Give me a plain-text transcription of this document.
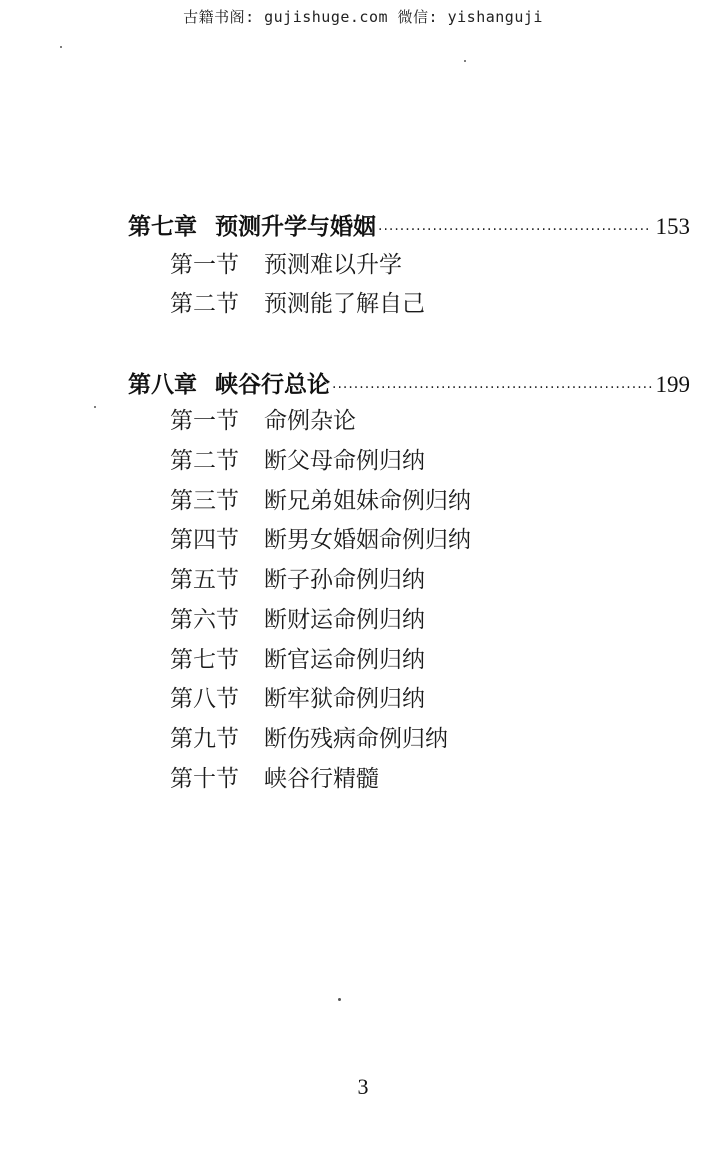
古籍书阁: gujishuge.com 微信: yishanguji
第七章 预测升学与婚姻 ·····	153
第一节	预测难以升学
第二节	预测能了解自己
第八章 峡谷行总论 ·····	199
第一节	命例杂论
第二节	断父母命例归纳
第三节	断兄弟姐妹命例归纳
第四节	断男女婚姻命例归纳
第五节	断子孙命例归纳
第六节	断财运命例归纳
第七节	断官运命例归纳
第八节	断牢狱命例归纳
第九节	断伤残病命例归纳
第十节	峡谷行精髓
3
